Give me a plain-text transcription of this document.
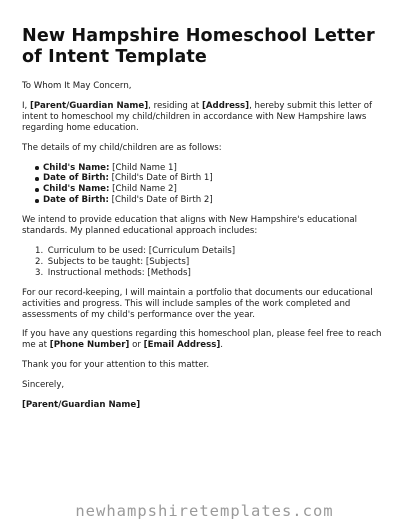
New Hampshire Homeschool Letter of Intent Template

To Whom It May Concern,

I, [Parent/Guardian Name], residing at [Address], hereby submit this letter of intent to homeschool my child/children in accordance with New Hampshire laws regarding home education.

The details of my child/children are as follows:

Child's Name: [Child Name 1]
Date of Birth: [Child's Date of Birth 1]
Child's Name: [Child Name 2]
Date of Birth: [Child's Date of Birth 2]

We intend to provide education that aligns with New Hampshire's educational standards. My planned educational approach includes:

1. Curriculum to be used: [Curriculum Details]
2. Subjects to be taught: [Subjects]
3. Instructional methods: [Methods]

For our record-keeping, I will maintain a portfolio that documents our educational activities and progress. This will include samples of the work completed and assessments of my child's performance over the year.

If you have any questions regarding this homeschool plan, please feel free to reach me at [Phone Number] or [Email Address].

Thank you for your attention to this matter.

Sincerely,

[Parent/Guardian Name]

newhampshiretemplates.com
